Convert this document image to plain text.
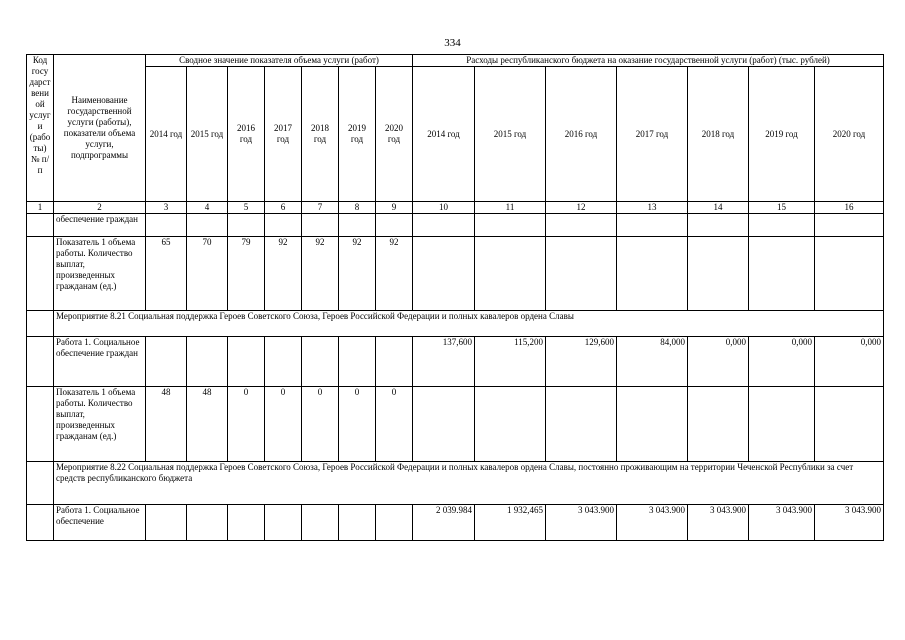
334
Код госу дарст вени ой услуг и (рабо ты) № п/п	Наименование государственной услуги (работы), показатели объема услуги, подпрограммы	Сводное значение показателя объема услуги (работ)							Расходы республиканского бюджета на оказание государственной услуги (работ) (тыс. рублей)						
		2014 год	2015 год	2016 год	2017 год	2018 год	2019 год	2020 год	2014 год	2015 год	2016 год	2017 год	2018 год	2019 год	2020 год
1	2	3	4	5	6	7	8	9	10	11	12	13	14	15	16
	обеспечение граждан														
	Показатель 1 объема работы. Количество выплат, произведенных гражданам (ед.)	65	70	79	92	92	92	92							
	Мероприятие 8.21 Социальная поддержка Героев Советского Союза, Героев Российской Федерации и полных кавалеров ордена Славы														
	Работа 1. Социальное обеспечение граждан								137,600	115,200	129,600	84,000	0,000	0,000	0,000
	Показатель 1 объема работы. Количество выплат, произведенных гражданам (ед.)	48	48	0	0	0	0	0							
	Мероприятие 8.22 Социальная поддержка Героев Советского Союза, Героев Российской Федерации и полных кавалеров ордена Славы, постоянно проживающим на территории Чеченской Республики за счет средств республиканского бюджета														
	Работа 1. Социальное обеспечение								2 039.984	1 932,465	3 043.900	3 043.900	3 043.900	3 043.900	3 043.900
